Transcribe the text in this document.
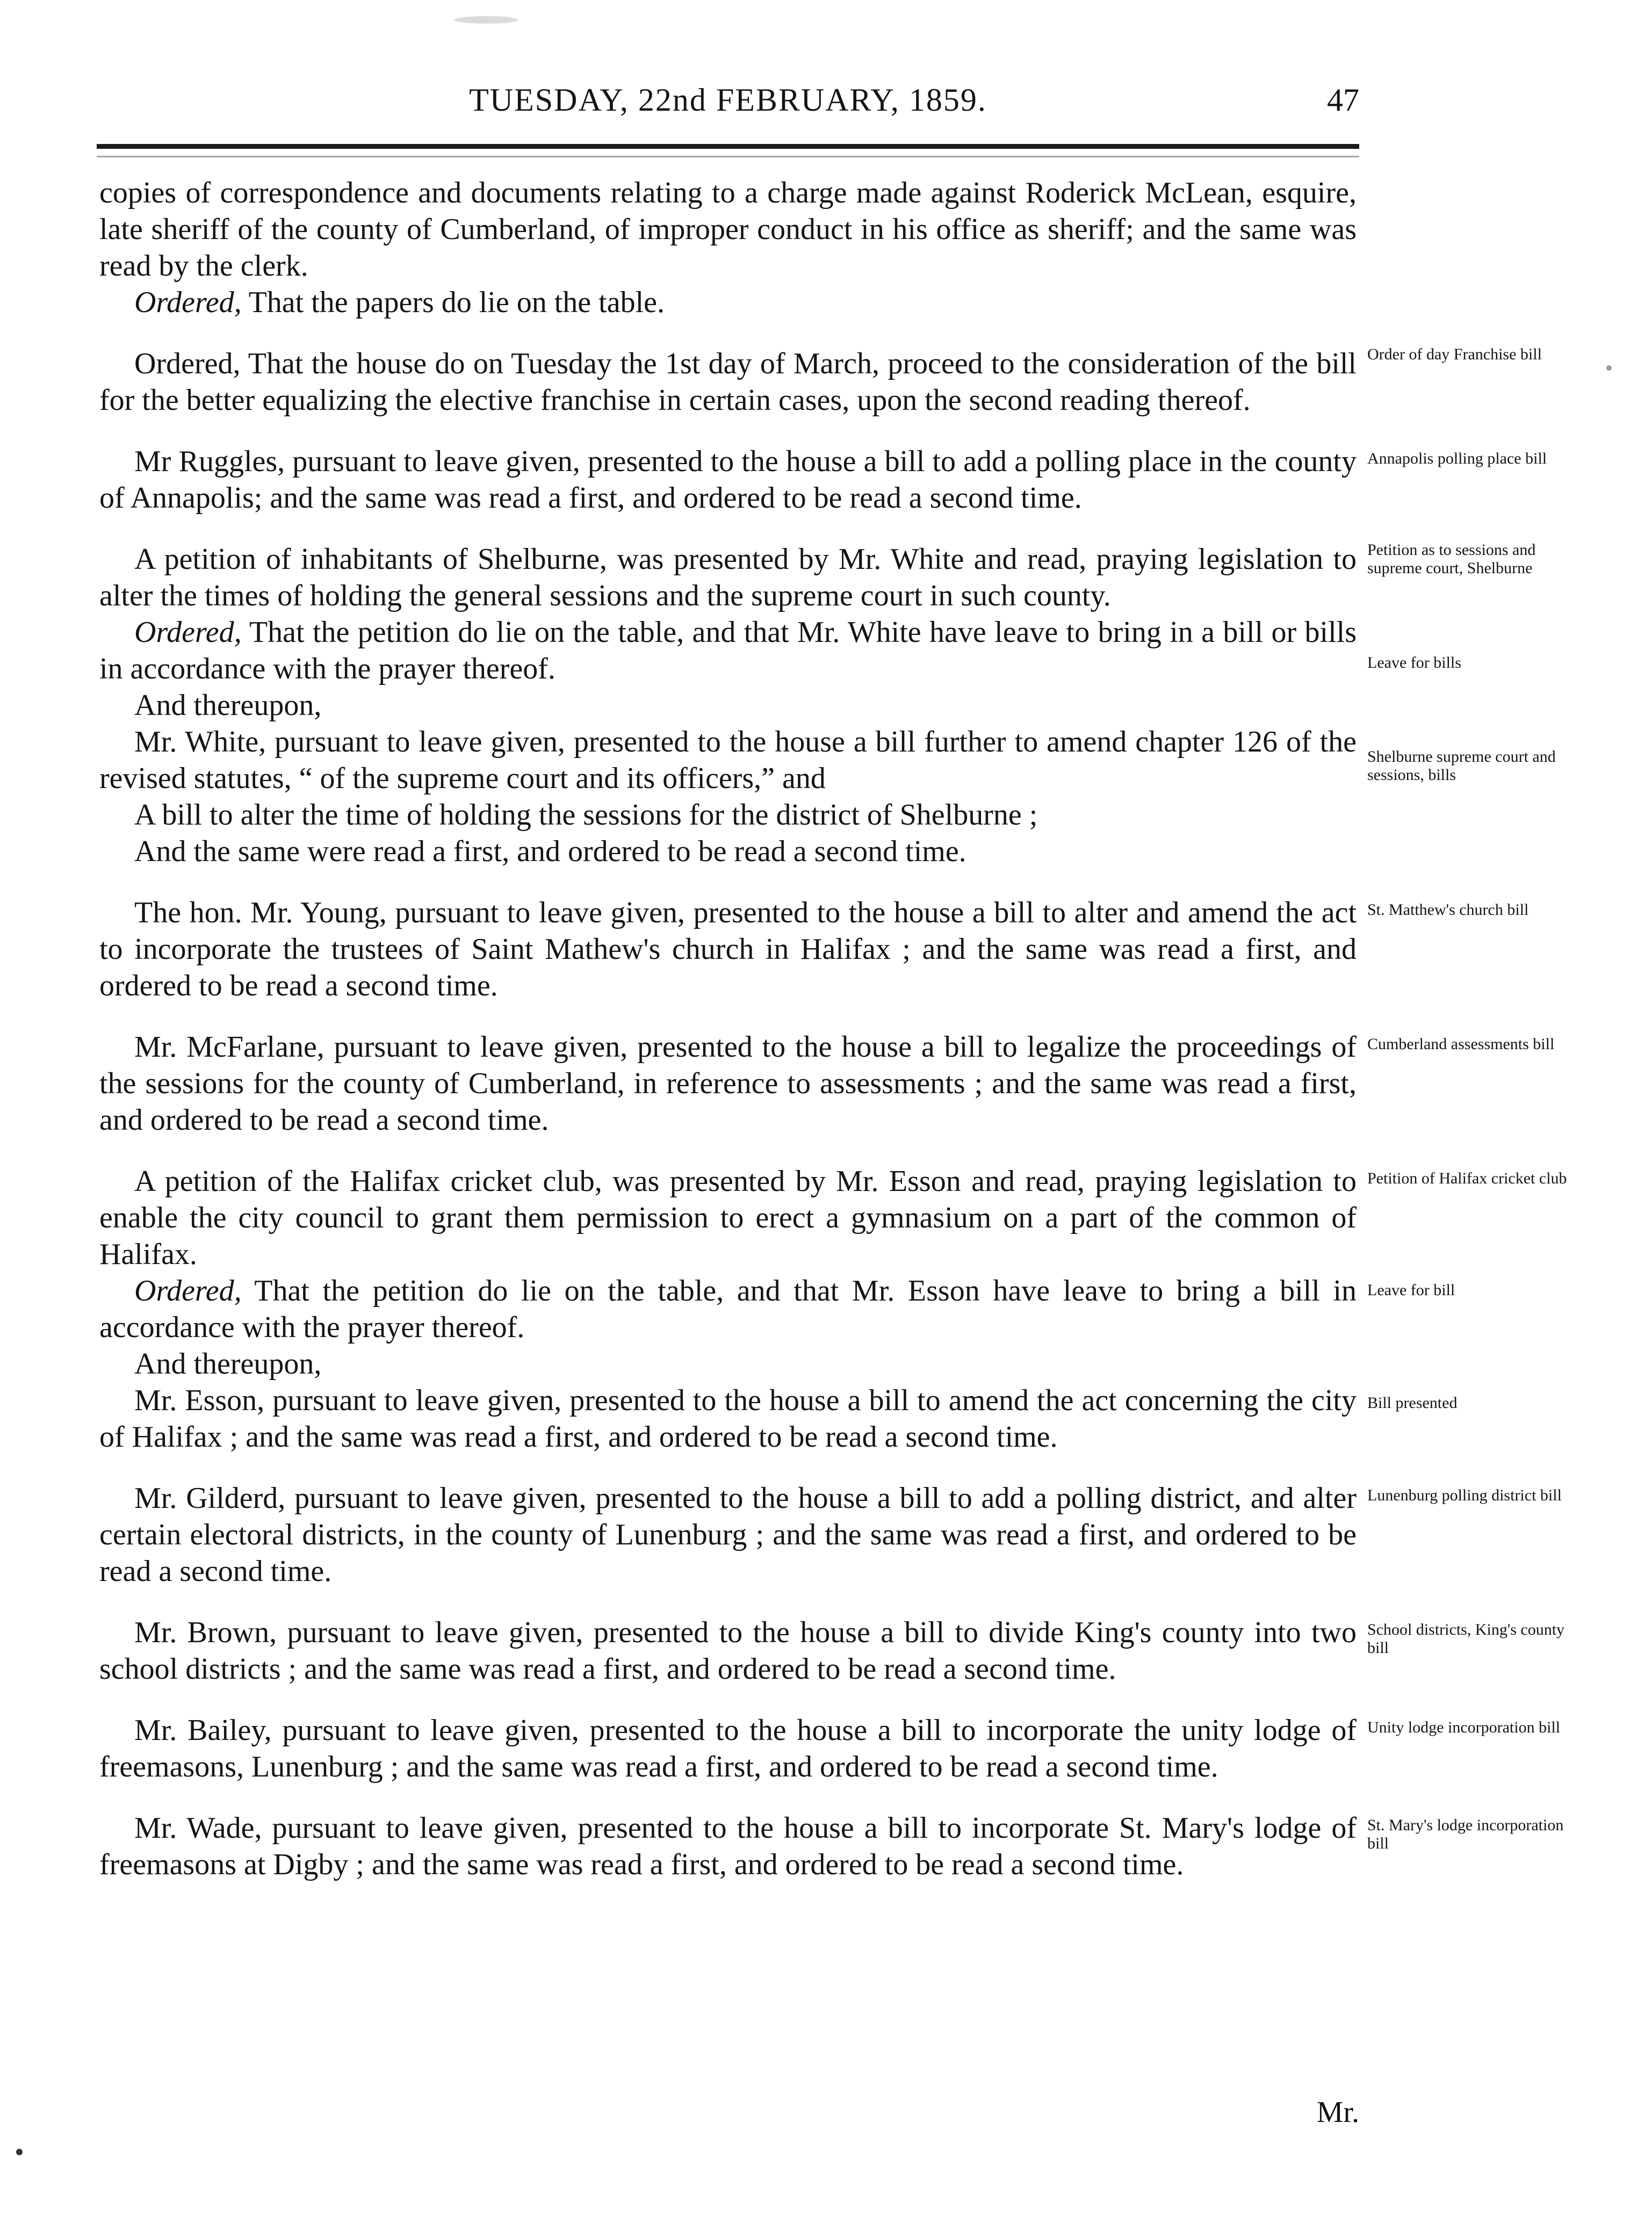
TUESDAY, 22nd FEBRUARY, 1859.	47
copies of correspondence and documents relating to a charge made against Roderick McLean, esquire, late sheriff of the county of Cumberland, of improper conduct in his office as sheriff; and the same was read by the clerk.
Ordered, That the papers do lie on the table.
Ordered, That the house do on Tuesday the 1st day of March, proceed to the consideration of the bill for the better equalizing the elective franchise in certain cases, upon the second reading thereof.
Order of day Franchise bill
Mr Ruggles, pursuant to leave given, presented to the house a bill to add a polling place in the county of Annapolis; and the same was read a first, and ordered to be read a second time.
Annapolis polling place bill
A petition of inhabitants of Shelburne, was presented by Mr. White and read, praying legislation to alter the times of holding the general sessions and the supreme court in such county.
Ordered, That the petition do lie on the table, and that Mr. White have leave to bring in a bill or bills in accordance with the prayer thereof.
And thereupon,
Mr. White, pursuant to leave given, presented to the house a bill further to amend chapter 126 of the revised statutes, “ of the supreme court and its officers,” and
A bill to alter the time of holding the sessions for the district of Shelburne ;
And the same were read a first, and ordered to be read a second time.
Petition as to sessions and supreme court, Shelburne
Leave for bills
Shelburne supreme court and sessions, bills
The hon. Mr. Young, pursuant to leave given, presented to the house a bill to alter and amend the act to incorporate the trustees of Saint Mathew's church in Halifax ; and the same was read a first, and ordered to be read a second time.
St. Matthew's church bill
Mr. McFarlane, pursuant to leave given, presented to the house a bill to legalize the proceedings of the sessions for the county of Cumberland, in reference to assessments ; and the same was read a first, and ordered to be read a second time.
Cumberland assessments bill
A petition of the Halifax cricket club, was presented by Mr. Esson and read, praying legislation to enable the city council to grant them permission to erect a gymnasium on a part of the common of Halifax.
Ordered, That the petition do lie on the table, and that Mr. Esson have leave to bring a bill in accordance with the prayer thereof.
And thereupon,
Mr. Esson, pursuant to leave given, presented to the house a bill to amend the act concerning the city of Halifax ; and the same was read a first, and ordered to be read a second time.
Petition of Halifax cricket club
Leave for bill
Bill presented
Mr. Gilderd, pursuant to leave given, presented to the house a bill to add a polling district, and alter certain electoral districts, in the county of Lunenburg ; and the same was read a first, and ordered to be read a second time.
Lunenburg polling district bill
Mr. Brown, pursuant to leave given, presented to the house a bill to divide King's county into two school districts ; and the same was read a first, and ordered to be read a second time.
School districts, King's county bill
Mr. Bailey, pursuant to leave given, presented to the house a bill to incorporate the unity lodge of freemasons, Lunenburg ; and the same was read a first, and ordered to be read a second time.
Unity lodge incorporation bill
Mr. Wade, pursuant to leave given, presented to the house a bill to incorporate St. Mary's lodge of freemasons at Digby ; and the same was read a first, and ordered to be read a second time.
St. Mary's lodge incorporation bill
Mr.
